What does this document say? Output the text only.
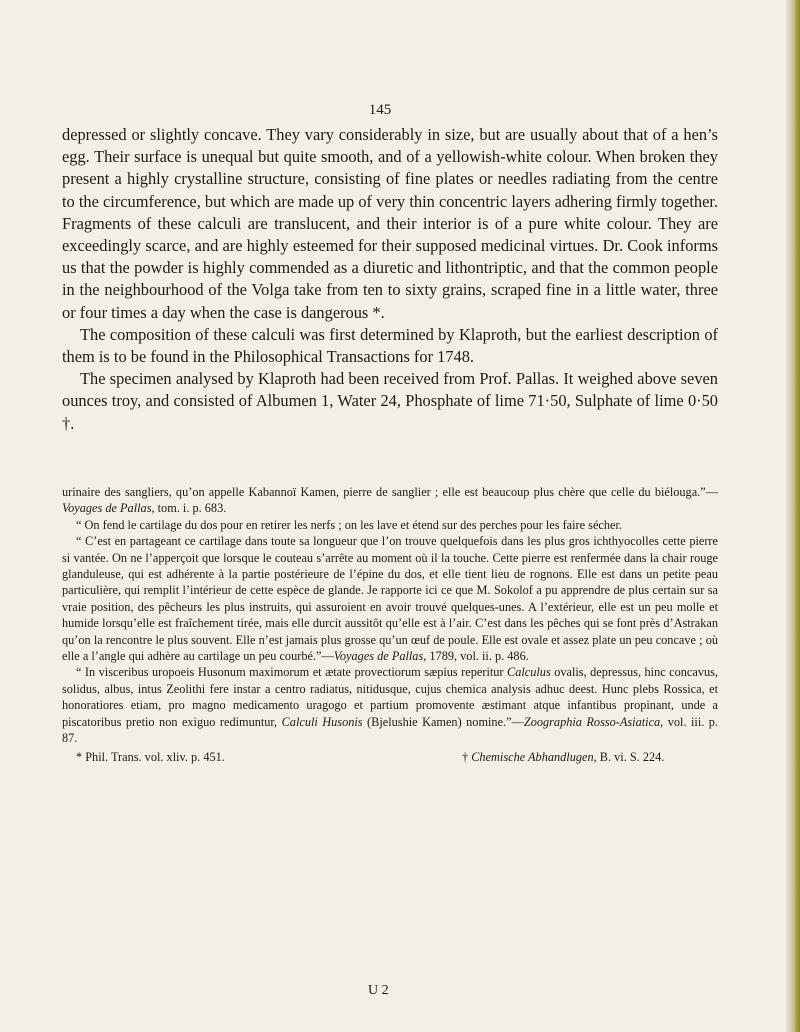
145

depressed or slightly concave. They vary considerably in size, but are usually about that of a hen’s egg. Their surface is unequal but quite smooth, and of a yellowish-white colour. When broken they present a highly crystalline structure, consisting of fine plates or needles radiating from the centre to the circumference, but which are made up of very thin concentric layers adhering firmly together. Fragments of these calculi are translucent, and their interior is of a pure white colour. They are exceedingly scarce, and are highly esteemed for their supposed medicinal virtues. Dr. Cook informs us that the powder is highly commended as a diuretic and lithontriptic, and that the common people in the neighbourhood of the Volga take from ten to sixty grains, scraped fine in a little water, three or four times a day when the case is dangerous *.

The composition of these calculi was first determined by Klaproth, but the earliest description of them is to be found in the Philosophical Transactions for 1748.

The specimen analysed by Klaproth had been received from Prof. Pallas. It weighed above seven ounces troy, and consisted of Albumen 1, Water 24, Phosphate of lime 71·50, Sulphate of lime 0·50 †.

urinaire des sangliers, qu’on appelle Kabannoï Kamen, pierre de sanglier ; elle est beaucoup plus chère que celle du biélouga.”—Voyages de Pallas, tom. i. p. 683.

“ On fend le cartilage du dos pour en retirer les nerfs ; on les lave et étend sur des perches pour les faire sécher.

“ C’est en partageant ce cartilage dans toute sa longueur que l’on trouve quelquefois dans les plus gros ichthyocolles cette pierre si vantée. On ne l’apperçoit que lorsque le couteau s’arrête au moment où il la touche. Cette pierre est renfermée dans la chair rouge glanduleuse, qui est adhérente à la partie postérieure de l’épine du dos, et elle tient lieu de rognons. Elle est dans un petite peau particulière, qui remplit l’intérieur de cette espèce de glande. Je rapporte ici ce que M. Sokolof a pu apprendre de plus certain sur sa vraie position, des pêcheurs les plus instruits, qui assuroient en avoir trouvé quelques-unes. A l’extérieur, elle est un peu molle et humide lorsqu’elle est fraîchement tirée, mais elle durcit aussitôt qu’elle est à l’air. C’est dans les pêches qui se font près d’Astrakan qu’on la rencontre le plus souvent. Elle n’est jamais plus grosse qu’un œuf de poule. Elle est ovale et assez plate un peu concave ; où elle a l’angle qui adhère au cartilage un peu courbé.”—Voyages de Pallas, 1789, vol. ii. p. 486.

“ In visceribus uropoeis Husonum maximorum et ætate provectiorum sæpius reperitur Calculus ovalis, depressus, hinc concavus, solidus, albus, intus Zeolithi fere instar a centro radiatus, nitidusque, cujus chemica analysis adhuc deest. Hunc plebs Rossica, et honoratiores etiam, pro magno medicamento uragogo et partium promovente æstimant atque infantibus propinant, unde a piscatoribus pretio non exiguo redimuntur, Calculi Husonis (Bjelushie Kamen) nomine.”—Zoographia Rosso-Asiatica, vol. iii. p. 87.

* Phil. Trans. vol. xliv. p. 451.	† Chemische Abhandlugen, B. vi. S. 224.
U 2
